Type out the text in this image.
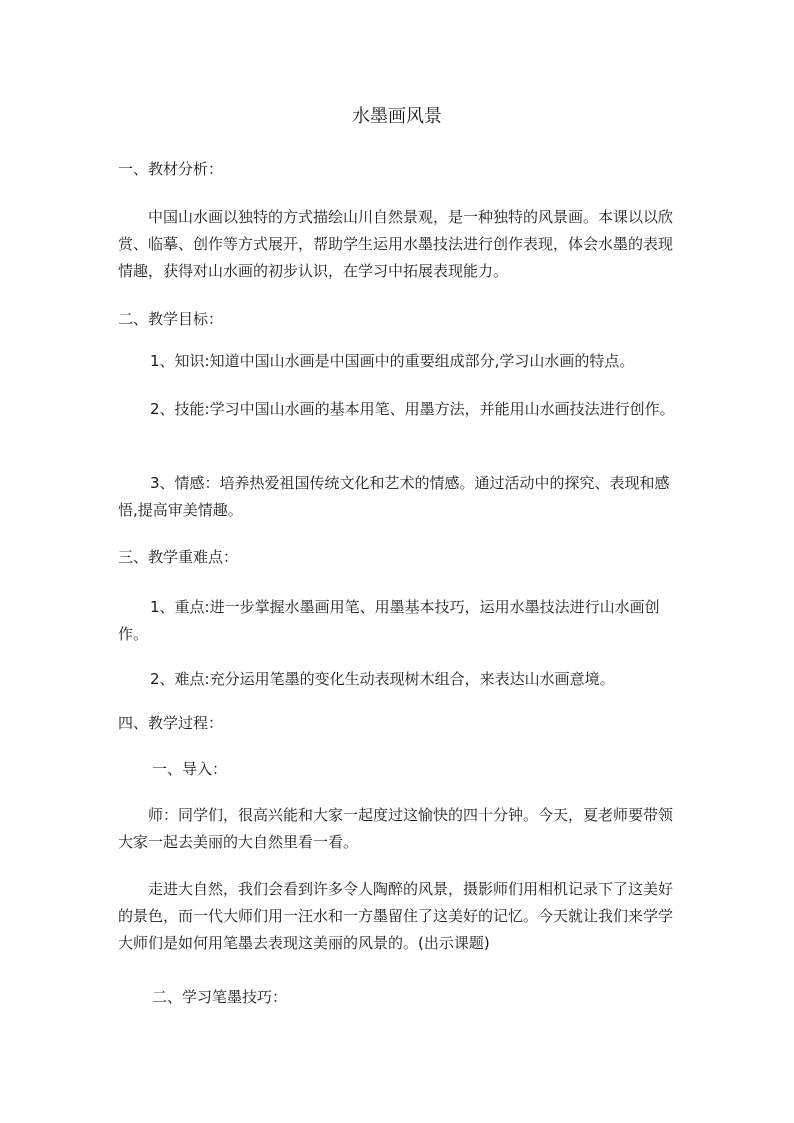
水墨画风景

一、教材分析：

中国山水画以独特的方式描绘山川自然景观，是一种独特的风景画。本课以以欣赏、临摹、创作等方式展开，帮助学生运用水墨技法进行创作表现，体会水墨的表现情趣，获得对山水画的初步认识，在学习中拓展表现能力。

二、教学目标：

1、知识:知道中国山水画是中国画中的重要组成部分,学习山水画的特点。

2、技能:学习中国山水画的基本用笔、用墨方法，并能用山水画技法进行创作。

3、情感：培养热爱祖国传统文化和艺术的情感。通过活动中的探究、表现和感悟,提高审美情趣。

三、教学重难点：

1、重点:进一步掌握水墨画用笔、用墨基本技巧，运用水墨技法进行山水画创作。

2、难点:充分运用笔墨的变化生动表现树木组合，来表达山水画意境。

四、教学过程：

一、导入：

师：同学们，很高兴能和大家一起度过这愉快的四十分钟。今天，夏老师要带领大家一起去美丽的大自然里看一看。

走进大自然，我们会看到许多令人陶醉的风景，摄影师们用相机记录下了这美好的景色，而一代大师们用一汪水和一方墨留住了这美好的记忆。今天就让我们来学学大师们是如何用笔墨去表现这美丽的风景的。(出示课题)

二、学习笔墨技巧：
